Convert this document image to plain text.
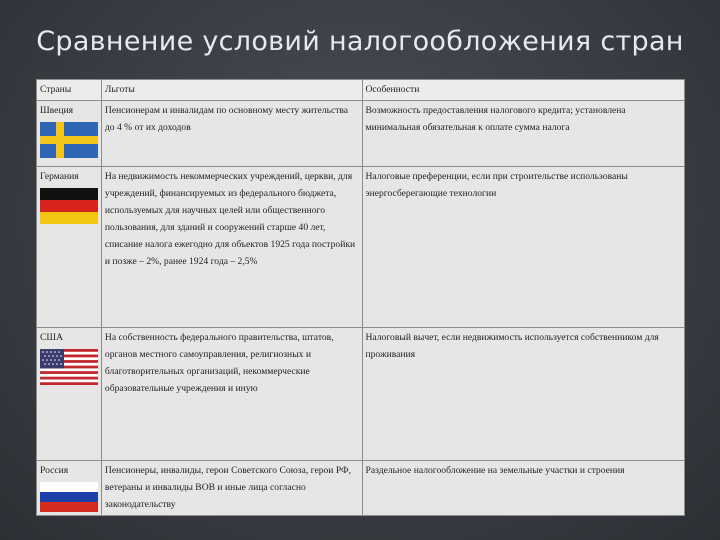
Сравнение условий налогообложения стран
Страны	Льготы	Особенности

Швеция	Пенсионерам и инвалидам по основному месту жительства до 4 % от их доходов	Возможность предоставления налогового кредита; установлена минимальная обязательная к оплате сумма налога

Германия	На недвижимость некоммерческих учреждений, церкви, для учреждений, финансируемых из федерального бюджета, используемых для научных целей или общественного пользования, для зданий и сооружений старше 40 лет, списание налога ежегодно для объектов 1925 года постройки и позже – 2%, ранее 1924 года – 2,5%	Налоговые преференции, если при строительстве использованы энергосберегающие технологии

США	На собственность федерального правительства, штатов, органов местного самоуправления, религиозных и благотворительных организаций, некоммерческие образовательные учреждения и иную	Налоговый вычет, если недвижимость используется собственником для проживания

Россия	Пенсионеры, инвалиды, герои Советского Союза, герои РФ, ветераны и инвалиды ВОВ и иные лица согласно законодательству	Раздельное налогообложение на земельные участки и строения
